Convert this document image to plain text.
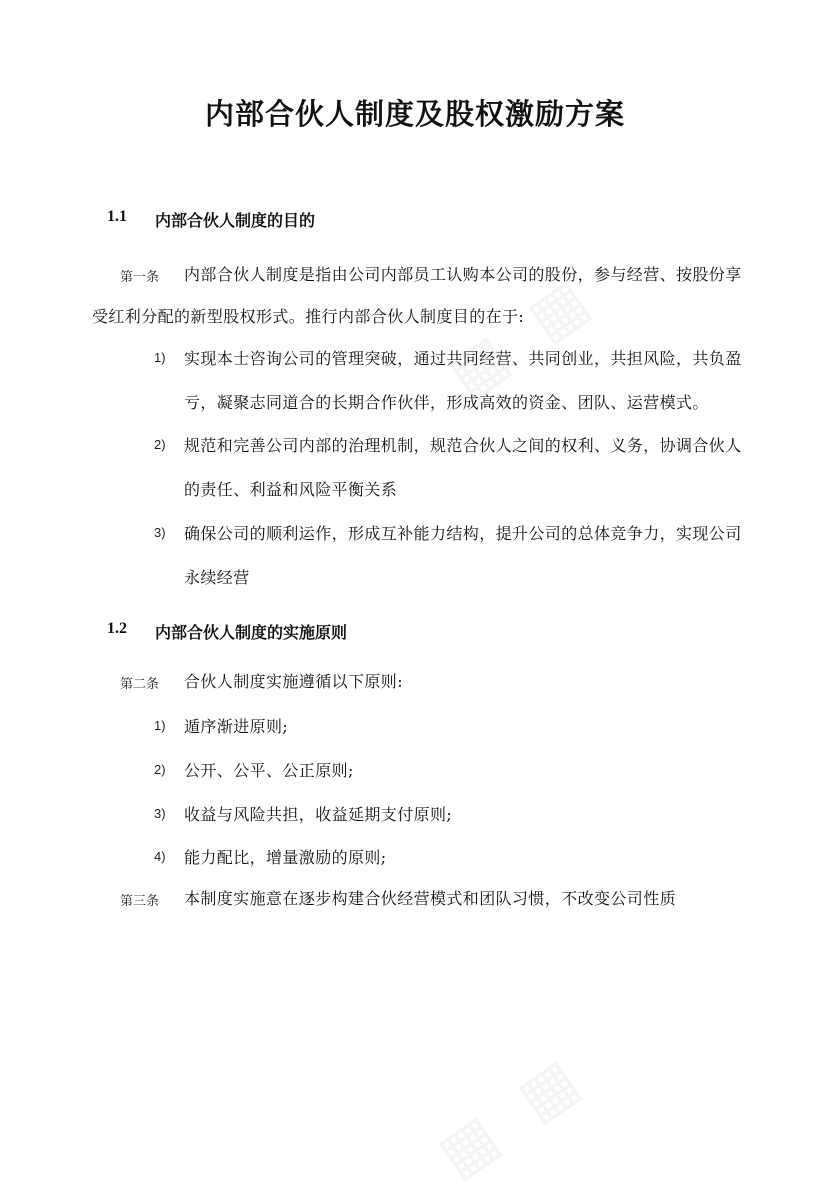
内部合伙人制度及股权激励方案
1.1 内部合伙人制度的目的
第一条 内部合伙人制度是指由公司内部员工认购本公司的股份，参与经营、按股份享
受红利分配的新型股权形式。推行内部合伙人制度目的在于:
1) 实现本士咨询公司的管理突破，通过共同经营、共同创业，共担风险，共负盈
亏，凝聚志同道合的长期合作伙伴，形成高效的资金、团队、运营模式。
2) 规范和完善公司内部的治理机制，规范合伙人之间的权利、义务，协调合伙人
的责任、利益和风险平衡关系
3) 确保公司的顺利运作，形成互补能力结构，提升公司的总体竞争力，实现公司
永续经营
1.2 内部合伙人制度的实施原则
第二条 合伙人制度实施遵循以下原则:
1) 遁序渐进原则;
2) 公开、公平、公正原则;
3) 收益与风险共担，收益延期支付原则;
4) 能力配比，增量激励的原则;
第三条 本制度实施意在逐步构建合伙经营模式和团队习惯，不改变公司性质
